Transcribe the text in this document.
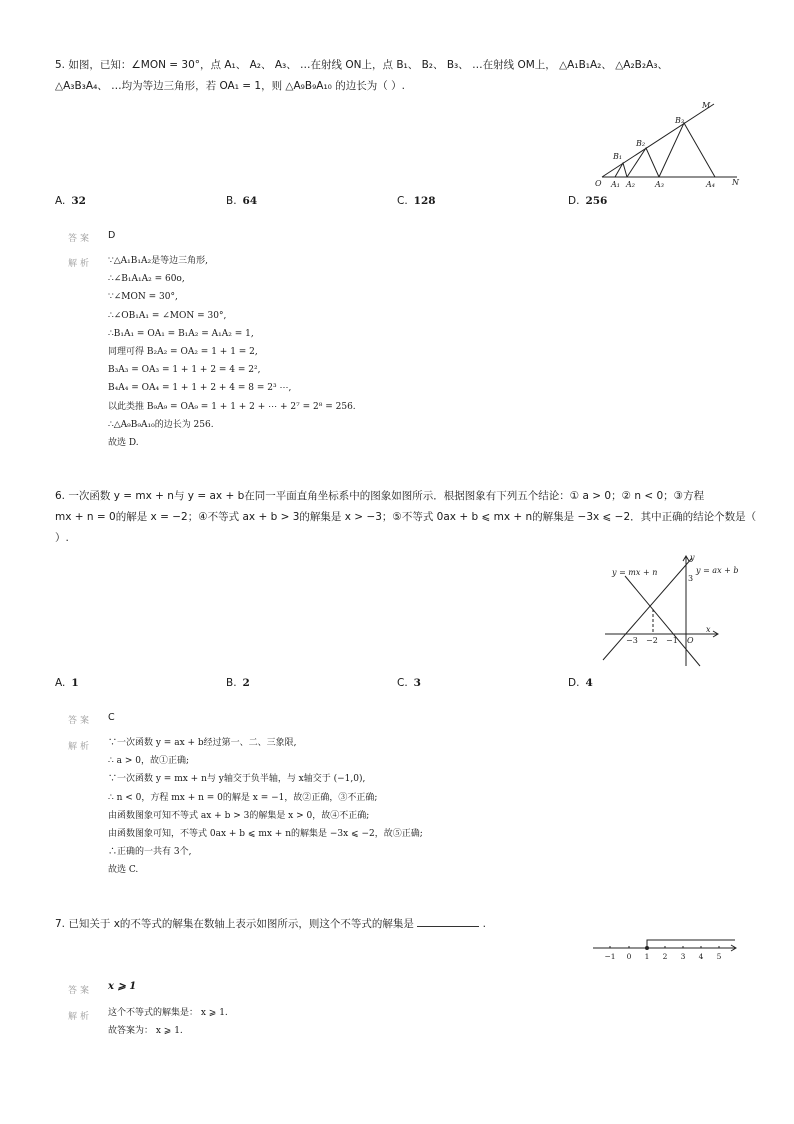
5. 如图，已知：∠MON = 30°，点 A₁、 A₂、 A₃、 …在射线 ON上，点 B₁、 B₂、 B₃、 …在射线 OM上， △A₁B₁A₂、 △A₂B₂A₃、
△A₃B₃A₄、 …均为等边三角形，若 OA₁ = 1，则 △A₉B₉A₁₀ 的边长为（ ）.
M
B₃
B₂
B₁
O A₁ A₂	A₃	A₄ N
A. 32	B. 64	C. 128	D. 256
答案 D
解析 ∵△A₁B₁A₂是等边三角形,
∴∠B₁A₁A₂ = 60o,
∵∠MON = 30°,
∴∠OB₁A₁ = ∠MON = 30°,
∴B₁A₁ = OA₁ = B₁A₂ = A₁A₂ = 1,
同理可得 B₂A₂ = OA₂ = 1 + 1 = 2,
B₃A₃ = OA₃ = 1 + 1 + 2 = 4 = 2²,
B₄A₄ = OA₄ = 1 + 1 + 2 + 4 = 8 = 2³ ⋯,
以此类推 B₉A₉ = OA₉ = 1 + 1 + 2 + ⋯ + 2⁷ = 2⁸ = 256.
∴△A₉B₉A₁₀的边长为 256.
故选 D.
6. 一次函数 y = mx + n与 y = ax + b在同一平面直角坐标系中的图象如图所示．根据图象有下列五个结论：① a > 0；② n < 0；③方程
mx + n = 0的解是 x = −2；④不等式 ax + b > 3的解集是 x > −3；⑤不等式 0ax + b ⩽ mx + n的解集是 −3x ⩽ −2．其中正确的结论个数是（
）.
y = mx + n	y = ax + b
y
x
O
3
−3 −2 −1
A. 1	B. 2	C. 3	D. 4
答案 C
解析 ∵一次函数 y = ax + b经过第一、二、三象限,
∴ a > 0，故①正确;
∵一次函数 y = mx + n与 y轴交于负半轴，与 x轴交于 (−1,0),
∴ n < 0，方程 mx + n = 0的解是 x = −1，故②正确，③不正确;
由函数图象可知不等式 ax + b > 3的解集是 x > 0，故④不正确;
由函数图象可知，不等式 0ax + b ⩽ mx + n的解集是 −3x ⩽ −2，故⑤正确;
∴正确的一共有 3个,
故选 C.
7. 已知关于 x的不等式的解集在数轴上表示如图所示，则这个不等式的解集是	.
−1 0 1 2 3 4 5
答案 x ⩾ 1
解析 这个不等式的解集是： x ⩾ 1.
故答案为： x ⩾ 1.
